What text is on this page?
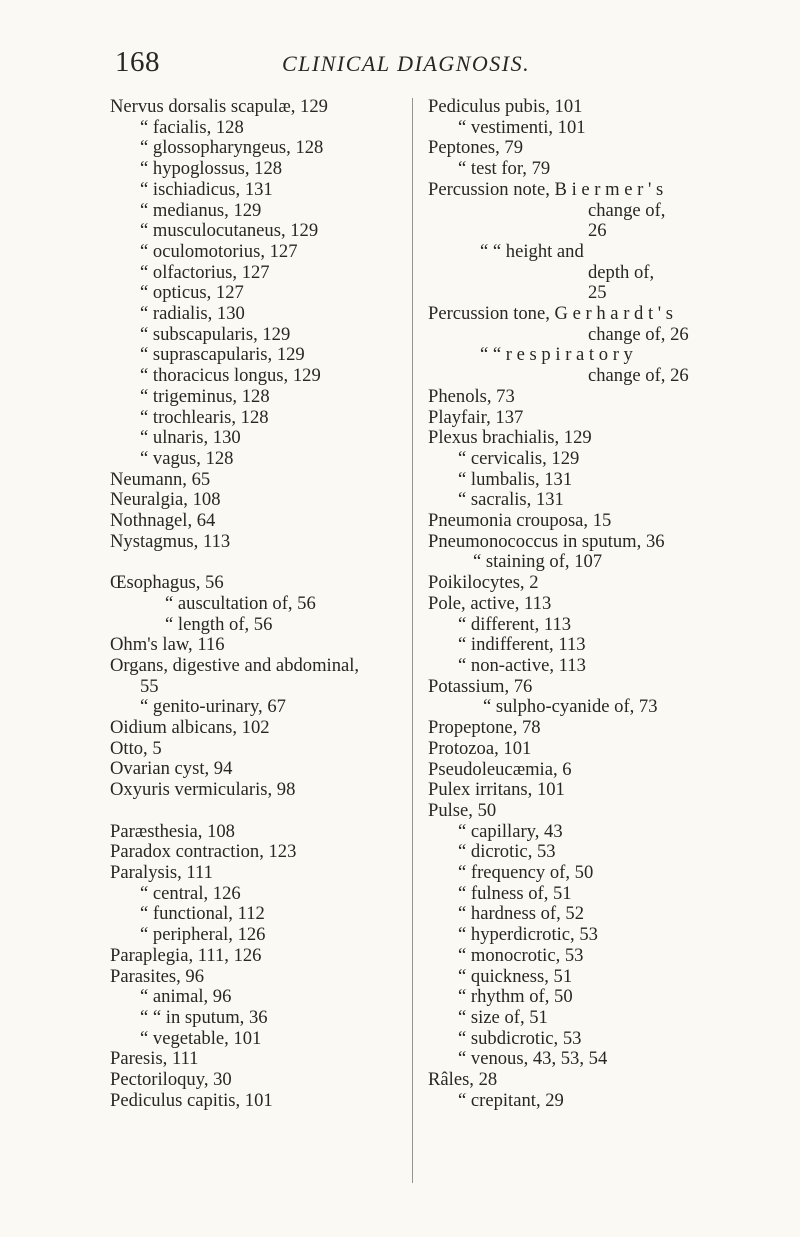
168	CLINICAL DIAGNOSIS.
Nervus dorsalis scapulæ, 129
“ facialis, 128
“ glossopharyngeus, 128
“ hypoglossus, 128
“ ischiadicus, 131
“ medianus, 129
“ musculocutaneus, 129
“ oculomotorius, 127
“ olfactorius, 127
“ opticus, 127
“ radialis, 130
“ subscapularis, 129
“ suprascapularis, 129
“ thoracicus longus, 129
“ trigeminus, 128
“ trochlearis, 128
“ ulnaris, 130
“ vagus, 128
Neumann, 65
Neuralgia, 108
Nothnagel, 64
Nystagmus, 113
Œsophagus, 56
“ auscultation of, 56
“ length of, 56
Ohm's law, 116
Organs, digestive and abdominal,
55
“ genito-urinary, 67
Oidium albicans, 102
Otto, 5
Ovarian cyst, 94
Oxyuris vermicularis, 98
Paræsthesia, 108
Paradox contraction, 123
Paralysis, 111
“ central, 126
“ functional, 112
“ peripheral, 126
Paraplegia, 111, 126
Parasites, 96
“ animal, 96
“ “ in sputum, 36
“ vegetable, 101
Paresis, 111
Pectoriloquy, 30
Pediculus capitis, 101
Pediculus pubis, 101
“ vestimenti, 101
Peptones, 79
“ test for, 79
Percussion note, B i e r m e r ' s
change of,
26
“ “ height and
depth of,
25
Percussion tone, G e r h a r d t ' s
change of, 26
“ “ r e s p i r a t o r y
change of, 26
Phenols, 73
Playfair, 137
Plexus brachialis, 129
“ cervicalis, 129
“ lumbalis, 131
“ sacralis, 131
Pneumonia crouposa, 15
Pneumonococcus in sputum, 36
“ staining of, 107
Poikilocytes, 2
Pole, active, 113
“ different, 113
“ indifferent, 113
“ non-active, 113
Potassium, 76
“ sulpho-cyanide of, 73
Propeptone, 78
Protozoa, 101
Pseudoleucæmia, 6
Pulex irritans, 101
Pulse, 50
“ capillary, 43
“ dicrotic, 53
“ frequency of, 50
“ fulness of, 51
“ hardness of, 52
“ hyperdicrotic, 53
“ monocrotic, 53
“ quickness, 51
“ rhythm of, 50
“ size of, 51
“ subdicrotic, 53
“ venous, 43, 53, 54
Râles, 28
“ crepitant, 29
